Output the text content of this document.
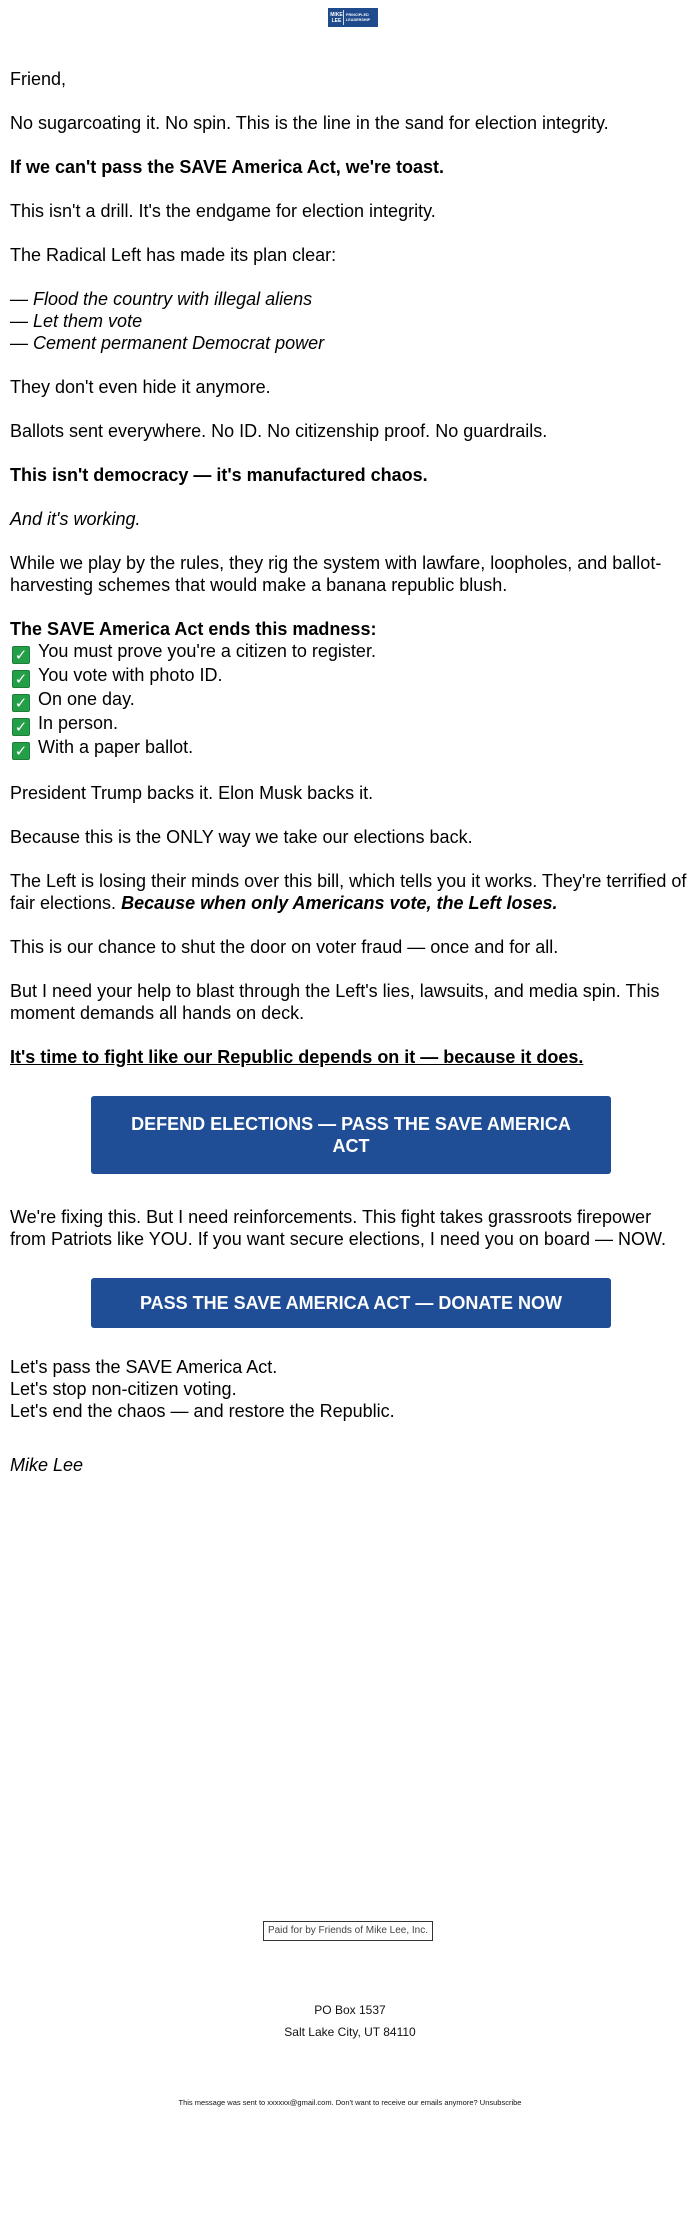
MIKE
LEE
PRINCIPLED
LEADERSHIP

Friend,

No sugarcoating it. No spin. This is the line in the sand for election integrity.

If we can't pass the SAVE America Act, we're toast.

This isn't a drill. It's the endgame for election integrity.

The Radical Left has made its plan clear:

— Flood the country with illegal aliens
— Let them vote
— Cement permanent Democrat power

They don't even hide it anymore.

Ballots sent everywhere. No ID. No citizenship proof. No guardrails.

This isn't democracy — it's manufactured chaos.

And it's working.

While we play by the rules, they rig the system with lawfare, loopholes, and ballot-harvesting schemes that would make a banana republic blush.

The SAVE America Act ends this madness:
✓ You must prove you're a citizen to register.
✓ You vote with photo ID.
✓ On one day.
✓ In person.
✓ With a paper ballot.

President Trump backs it. Elon Musk backs it.

Because this is the ONLY way we take our elections back.

The Left is losing their minds over this bill, which tells you it works. They're terrified of fair elections. Because when only Americans vote, the Left loses.

This is our chance to shut the door on voter fraud — once and for all.

But I need your help to blast through the Left's lies, lawsuits, and media spin. This moment demands all hands on deck.

It's time to fight like our Republic depends on it — because it does.

DEFEND ELECTIONS — PASS THE SAVE AMERICA ACT

We're fixing this. But I need reinforcements. This fight takes grassroots firepower from Patriots like YOU. If you want secure elections, I need you on board — NOW.

PASS THE SAVE AMERICA ACT — DONATE NOW

Let's pass the SAVE America Act.
Let's stop non-citizen voting.
Let's end the chaos — and restore the Republic.

Mike Lee

Paid for by Friends of Mike Lee, Inc.
PO Box 1537
Salt Lake City, UT 84110
This message was sent to xxxxxx@gmail.com. Don't want to receive our emails anymore? Unsubscribe
